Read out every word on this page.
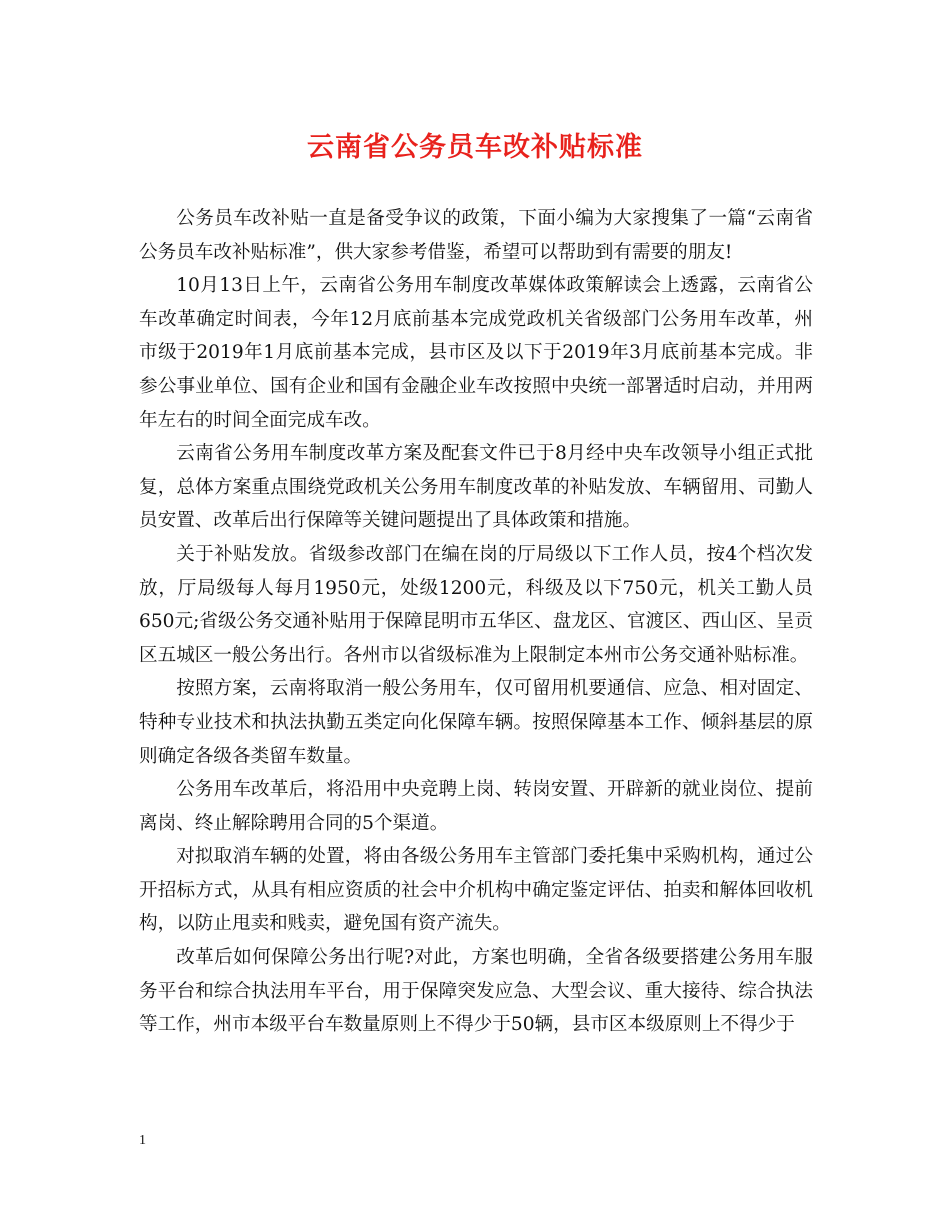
云南省公务员车改补贴标准

公务员车改补贴一直是备受争议的政策，下面小编为大家搜集了一篇“云南省公务员车改补贴标准”，供大家参考借鉴，希望可以帮助到有需要的朋友!

10月13日上午，云南省公务用车制度改革媒体政策解读会上透露，云南省公车改革确定时间表，今年12月底前基本完成党政机关省级部门公务用车改革，州市级于2019年1月底前基本完成，县市区及以下于2019年3月底前基本完成。非参公事业单位、国有企业和国有金融企业车改按照中央统一部署适时启动，并用两年左右的时间全面完成车改。

云南省公务用车制度改革方案及配套文件已于8月经中央车改领导小组正式批复，总体方案重点围绕党政机关公务用车制度改革的补贴发放、车辆留用、司勤人员安置、改革后出行保障等关键问题提出了具体政策和措施。

关于补贴发放。省级参改部门在编在岗的厅局级以下工作人员，按4个档次发放，厅局级每人每月1950元，处级1200元，科级及以下750元，机关工勤人员650元;省级公务交通补贴用于保障昆明市五华区、盘龙区、官渡区、西山区、呈贡区五城区一般公务出行。各州市以省级标准为上限制定本州市公务交通补贴标准。

按照方案，云南将取消一般公务用车，仅可留用机要通信、应急、相对固定、特种专业技术和执法执勤五类定向化保障车辆。按照保障基本工作、倾斜基层的原则确定各级各类留车数量。

公务用车改革后，将沿用中央竞聘上岗、转岗安置、开辟新的就业岗位、提前离岗、终止解除聘用合同的5个渠道。

对拟取消车辆的处置，将由各级公务用车主管部门委托集中采购机构，通过公开招标方式，从具有相应资质的社会中介机构中确定鉴定评估、拍卖和解体回收机构，以防止甩卖和贱卖，避免国有资产流失。

改革后如何保障公务出行呢?对此，方案也明确，全省各级要搭建公务用车服务平台和综合执法用车平台，用于保障突发应急、大型会议、重大接待、综合执法等工作，州市本级平台车数量原则上不得少于50辆，县市区本级原则上不得少于

1
